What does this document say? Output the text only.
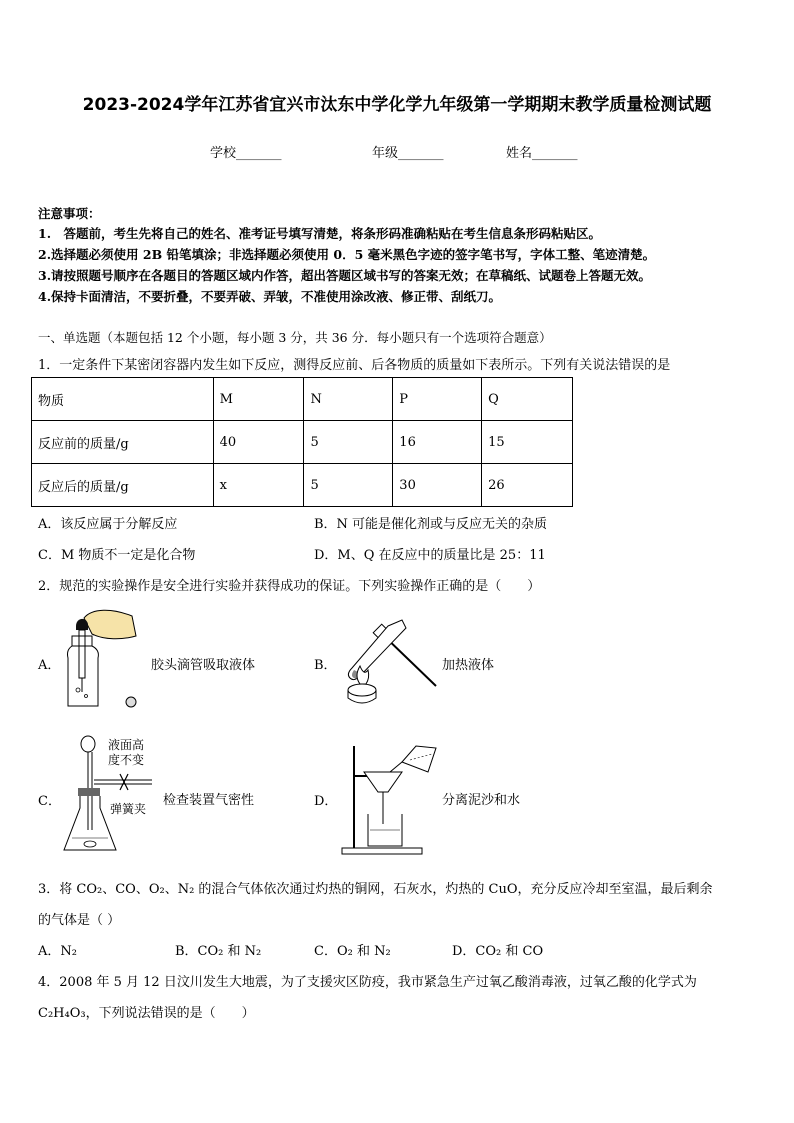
2023-2024学年江苏省宜兴市汰东中学化学九年级第一学期期末教学质量检测试题
学校_______	年级_______	姓名_______
注意事项：
1.　答题前，考生先将自己的姓名、准考证号填写清楚，将条形码准确粘贴在考生信息条形码粘贴区。
2.选择题必须使用 2B 铅笔填涂；非选择题必须使用 0．5 毫米黑色字迹的签字笔书写，字体工整、笔迹清楚。
3.请按照题号顺序在各题目的答题区域内作答，超出答题区域书写的答案无效；在草稿纸、试题卷上答题无效。
4.保持卡面清洁，不要折叠，不要弄破、弄皱，不准使用涂改液、修正带、刮纸刀。
一、单选题（本题包括 12 个小题，每小题 3 分，共 36 分．每小题只有一个选项符合题意）
1．一定条件下某密闭容器内发生如下反应，测得反应前、后各物质的质量如下表所示。下列有关说法错误的是
物质	M	N	P	Q
反应前的质量/g	40	5	16	15
反应后的质量/g	x	5	30	26
A．该反应属于分解反应	B．N 可能是催化剂或与反应无关的杂质
C．M 物质不一定是化合物	D．M、Q 在反应中的质量比是 25：11
2．规范的实验操作是安全进行实验并获得成功的保证。下列实验操作正确的是（　　）
A．	胶头滴管吸取液体	B．	加热液体
C．
液面高
度不变
弹簧夹
检查装置气密性	D．	分离泥沙和水
3．将 CO₂、CO、O₂、N₂ 的混合气体依次通过灼热的铜网，石灰水，灼热的 CuO，充分反应冷却至室温，最后剩余
的气体是（ ）
A．N₂	B．CO₂ 和 N₂	C．O₂ 和 N₂	D．CO₂ 和 CO
4．2008 年 5 月 12 日汶川发生大地震，为了支援灾区防疫，我市紧急生产过氧乙酸消毒液，过氧乙酸的化学式为
C₂H₄O₃，下列说法错误的是（　　）
